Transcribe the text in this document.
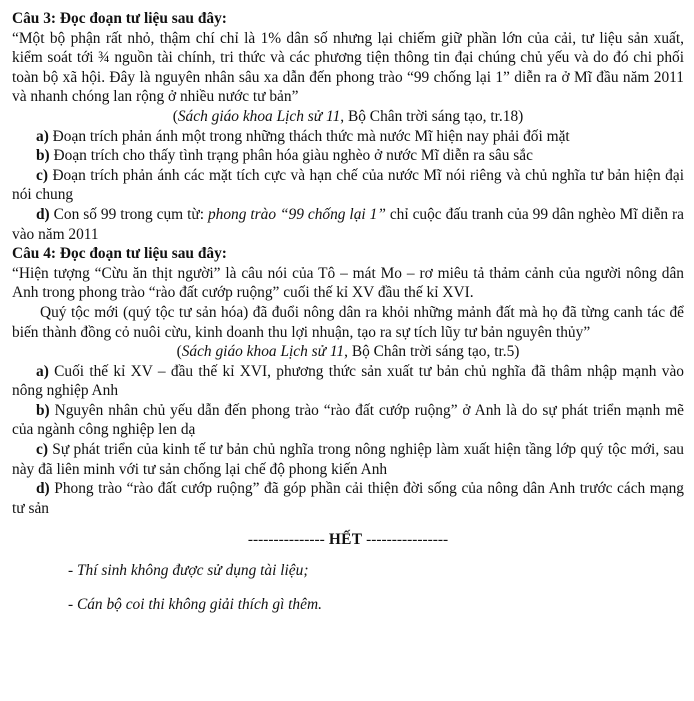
Câu 3: Đọc đoạn tư liệu sau đây:

“Một bộ phận rất nhỏ, thậm chí chỉ là 1% dân số nhưng lại chiếm giữ phần lớn của cải, tư liệu sản xuất, kiểm soát tới ¾ nguồn tài chính, tri thức và các phương tiện thông tin đại chúng chủ yếu và do đó chi phối toàn bộ xã hội. Đây là nguyên nhân sâu xa dẫn đến phong trào “99 chống lại 1” diễn ra ở Mĩ đầu năm 2011 và nhanh chóng lan rộng ở nhiều nước tư bản”

(Sách giáo khoa Lịch sử 11, Bộ Chân trời sáng tạo, tr.18)

a) Đoạn trích phản ánh một trong những thách thức mà nước Mĩ hiện nay phải đối mặt

b) Đoạn trích cho thấy tình trạng phân hóa giàu nghèo ở nước Mĩ diễn ra sâu sắc

c) Đoạn trích phản ánh các mặt tích cực và hạn chế của nước Mĩ nói riêng và chủ nghĩa tư bản hiện đại nói chung

d) Con số 99 trong cụm từ: phong trào “99 chống lại 1” chỉ cuộc đấu tranh của 99 dân nghèo Mĩ diễn ra vào năm 2011

Câu 4: Đọc đoạn tư liệu sau đây:

“Hiện tượng “Cừu ăn thịt người” là câu nói của Tô – mát Mo – rơ miêu tả thảm cảnh của người nông dân Anh trong phong trào “rào đất cướp ruộng” cuối thế kỉ XV đầu thế kỉ XVI.

Quý tộc mới (quý tộc tư sản hóa) đã đuổi nông dân ra khỏi những mảnh đất mà họ đã từng canh tác để biến thành đồng cỏ nuôi cừu, kinh doanh thu lợi nhuận, tạo ra sự tích lũy tư bản nguyên thủy”

(Sách giáo khoa Lịch sử 11, Bộ Chân trời sáng tạo, tr.5)

a) Cuối thế kỉ XV – đầu thế kỉ XVI, phương thức sản xuất tư bản chủ nghĩa đã thâm nhập mạnh vào nông nghiệp Anh

b) Nguyên nhân chủ yếu dẫn đến phong trào “rào đất cướp ruộng” ở Anh là do sự phát triển mạnh mẽ của ngành công nghiệp len dạ

c) Sự phát triển của kinh tế tư bản chủ nghĩa trong nông nghiệp làm xuất hiện tầng lớp quý tộc mới, sau này đã liên minh với tư sản chống lại chế độ phong kiến Anh

d) Phong trào “rào đất cướp ruộng” đã góp phần cải thiện đời sống của nông dân Anh trước cách mạng tư sản

--------------- HẾT ----------------

- Thí sinh không được sử dụng tài liệu;

- Cán bộ coi thi không giải thích gì thêm.
